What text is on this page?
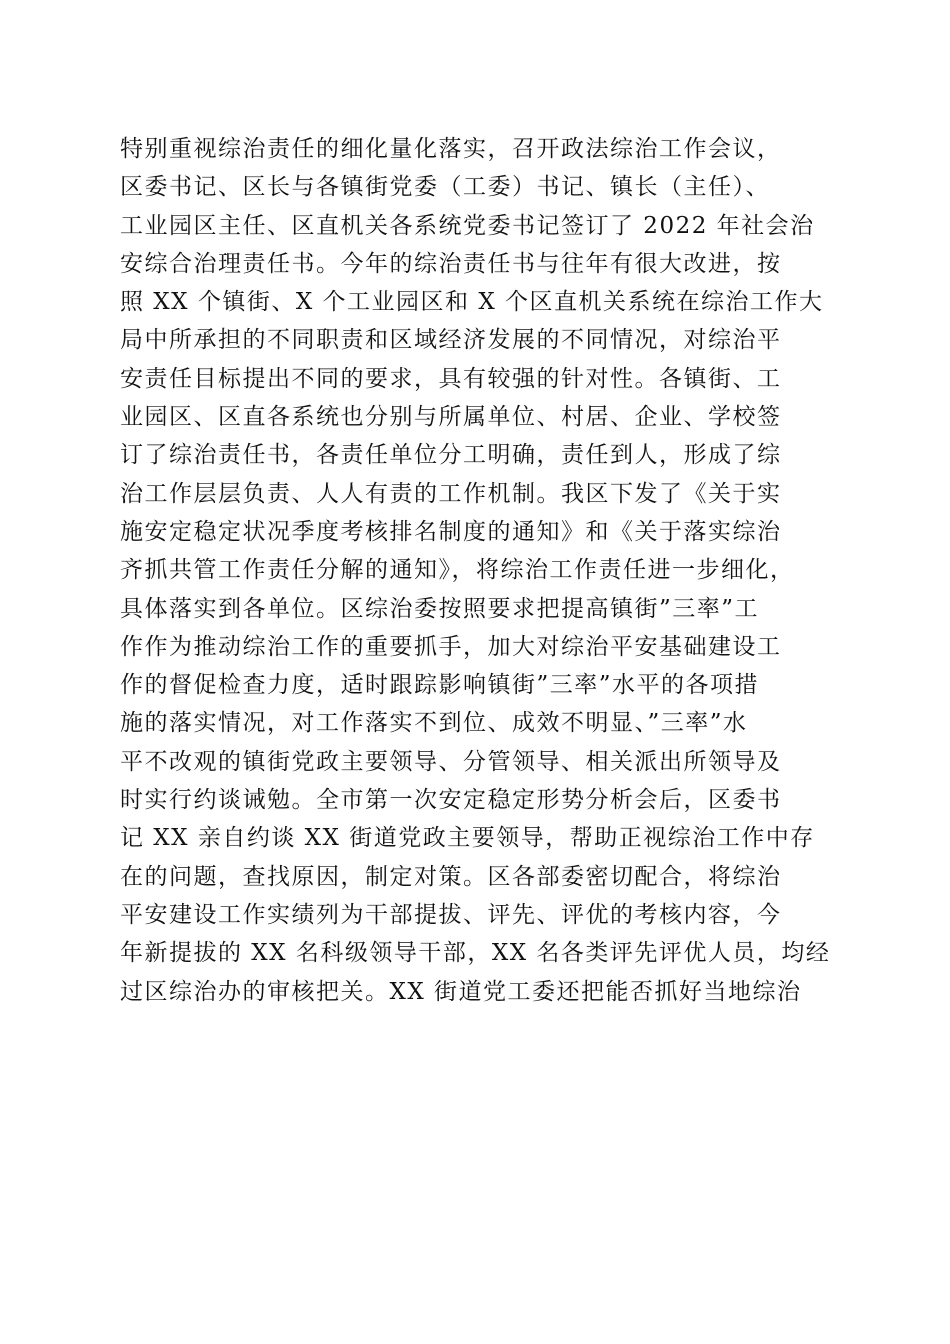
特别重视综治责任的细化量化落实，召开政法综治工作会议，
区委书记、区长与各镇街党委（工委）书记、镇长（主任）、
工业园区主任、区直机关各系统党委书记签订了 2022 年社会治
安综合治理责任书。今年的综治责任书与往年有很大改进，按
照 XX 个镇街、X 个工业园区和 X 个区直机关系统在综治工作大
局中所承担的不同职责和区域经济发展的不同情况，对综治平
安责任目标提出不同的要求，具有较强的针对性。各镇街、工
业园区、区直各系统也分别与所属单位、村居、企业、学校签
订了综治责任书，各责任单位分工明确，责任到人，形成了综
治工作层层负责、人人有责的工作机制。我区下发了《关于实
施安定稳定状况季度考核排名制度的通知》和《关于落实综治
齐抓共管工作责任分解的通知》，将综治工作责任进一步细化，
具体落实到各单位。区综治委按照要求把提高镇街”三率”工
作作为推动综治工作的重要抓手，加大对综治平安基础建设工
作的督促检查力度，适时跟踪影响镇街”三率”水平的各项措
施的落实情况，对工作落实不到位、成效不明显、”三率”水
平不改观的镇街党政主要领导、分管领导、相关派出所领导及
时实行约谈诫勉。全市第一次安定稳定形势分析会后，区委书
记 XX 亲自约谈 XX 街道党政主要领导，帮助正视综治工作中存
在的问题，查找原因，制定对策。区各部委密切配合，将综治
平安建设工作实绩列为干部提拔、评先、评优的考核内容，今
年新提拔的 XX 名科级领导干部，XX 名各类评先评优人员，均经
过区综治办的审核把关。XX 街道党工委还把能否抓好当地综治
